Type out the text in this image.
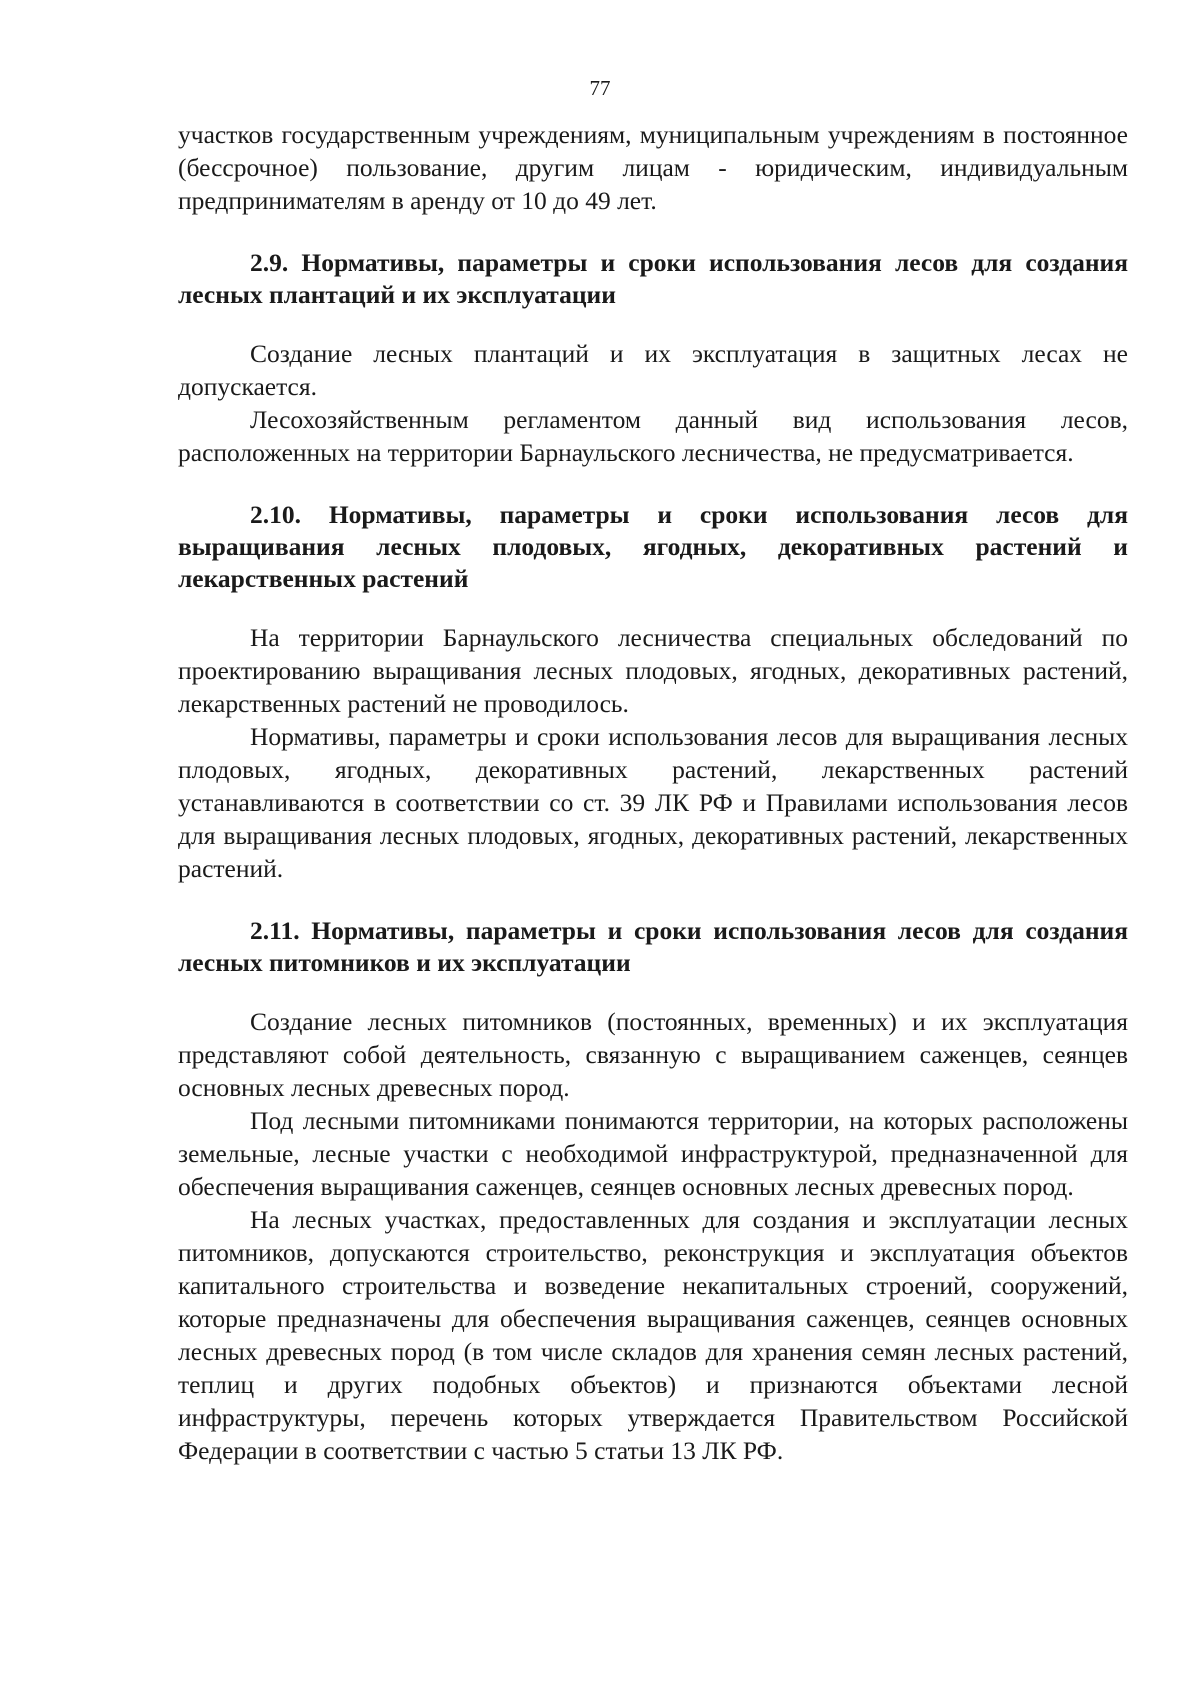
77

участков государственным учреждениям, муниципальным учреждениям в постоянное (бессрочное) пользование, другим лицам - юридическим, индивидуальным предпринимателям в аренду от 10 до 49 лет.

2.9. Нормативы, параметры и сроки использования лесов для создания лесных плантаций и их эксплуатации

Создание лесных плантаций и их эксплуатация в защитных лесах не допускается.

Лесохозяйственным регламентом данный вид использования лесов, расположенных на территории Барнаульского лесничества, не предусматривается.

2.10. Нормативы, параметры и сроки использования лесов для выращивания лесных плодовых, ягодных, декоративных растений и лекарственных растений

На территории Барнаульского лесничества специальных обследований по проектированию выращивания лесных плодовых, ягодных, декоративных растений, лекарственных растений не проводилось.

Нормативы, параметры и сроки использования лесов для выращивания лесных плодовых, ягодных, декоративных растений, лекарственных растений устанавливаются в соответствии со ст. 39 ЛК РФ и Правилами использования лесов для выращивания лесных плодовых, ягодных, декоративных растений, лекарственных растений.

2.11. Нормативы, параметры и сроки использования лесов для создания лесных питомников и их эксплуатации

Создание лесных питомников (постоянных, временных) и их эксплуатация представляют собой деятельность, связанную с выращиванием саженцев, сеянцев основных лесных древесных пород.

Под лесными питомниками понимаются территории, на которых расположены земельные, лесные участки с необходимой инфраструктурой, предназначенной для обеспечения выращивания саженцев, сеянцев основных лесных древесных пород.

На лесных участках, предоставленных для создания и эксплуатации лесных питомников, допускаются строительство, реконструкция и эксплуатация объектов капитального строительства и возведение некапитальных строений, сооружений, которые предназначены для обеспечения выращивания саженцев, сеянцев основных лесных древесных пород (в том числе складов для хранения семян лесных растений, теплиц и других подобных объектов) и признаются объектами лесной инфраструктуры, перечень которых утверждается Правительством Российской Федерации в соответствии с частью 5 статьи 13 ЛК РФ.
